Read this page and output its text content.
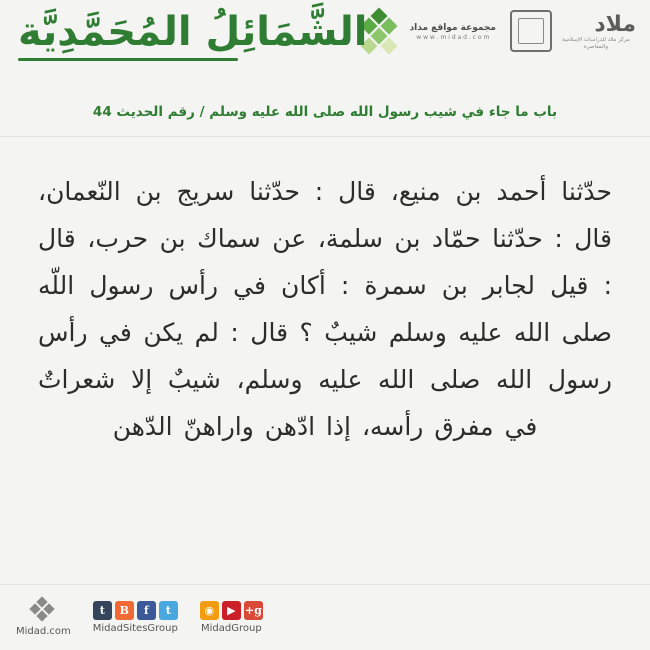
مجموعة مواقع مداد
w w w . m i d a d . c o m
ملاد
مركز ملاد للدراسات الإسلامية والمعاصرة
الشَّمَائِلُ المُحَمَّدِيَّة
باب ما جاء في شيب رسول الله صلى الله عليه وسلم / رقم الحديث 44
حدّثنا أحمد بن منيع، قال : حدّثنا سريج بن النّعمان، قال : حدّثنا حمّاد بن سلمة، عن سماك بن حرب، قال : قيل لجابر بن سمرة : أكان في رأس رسول اللّه صلى الله عليه وسلم شيبٌ ؟ قال : لم يكن في رأس رسول الله صلى الله عليه وسلم، شيبٌ إلا شعراتٌ في مفرق رأسه، إذا ادّهن واراهنّ الدّهن
Midad.com
t
f
B
t
MidadSitesGroup
g+
▶
◉
MidadGroup
